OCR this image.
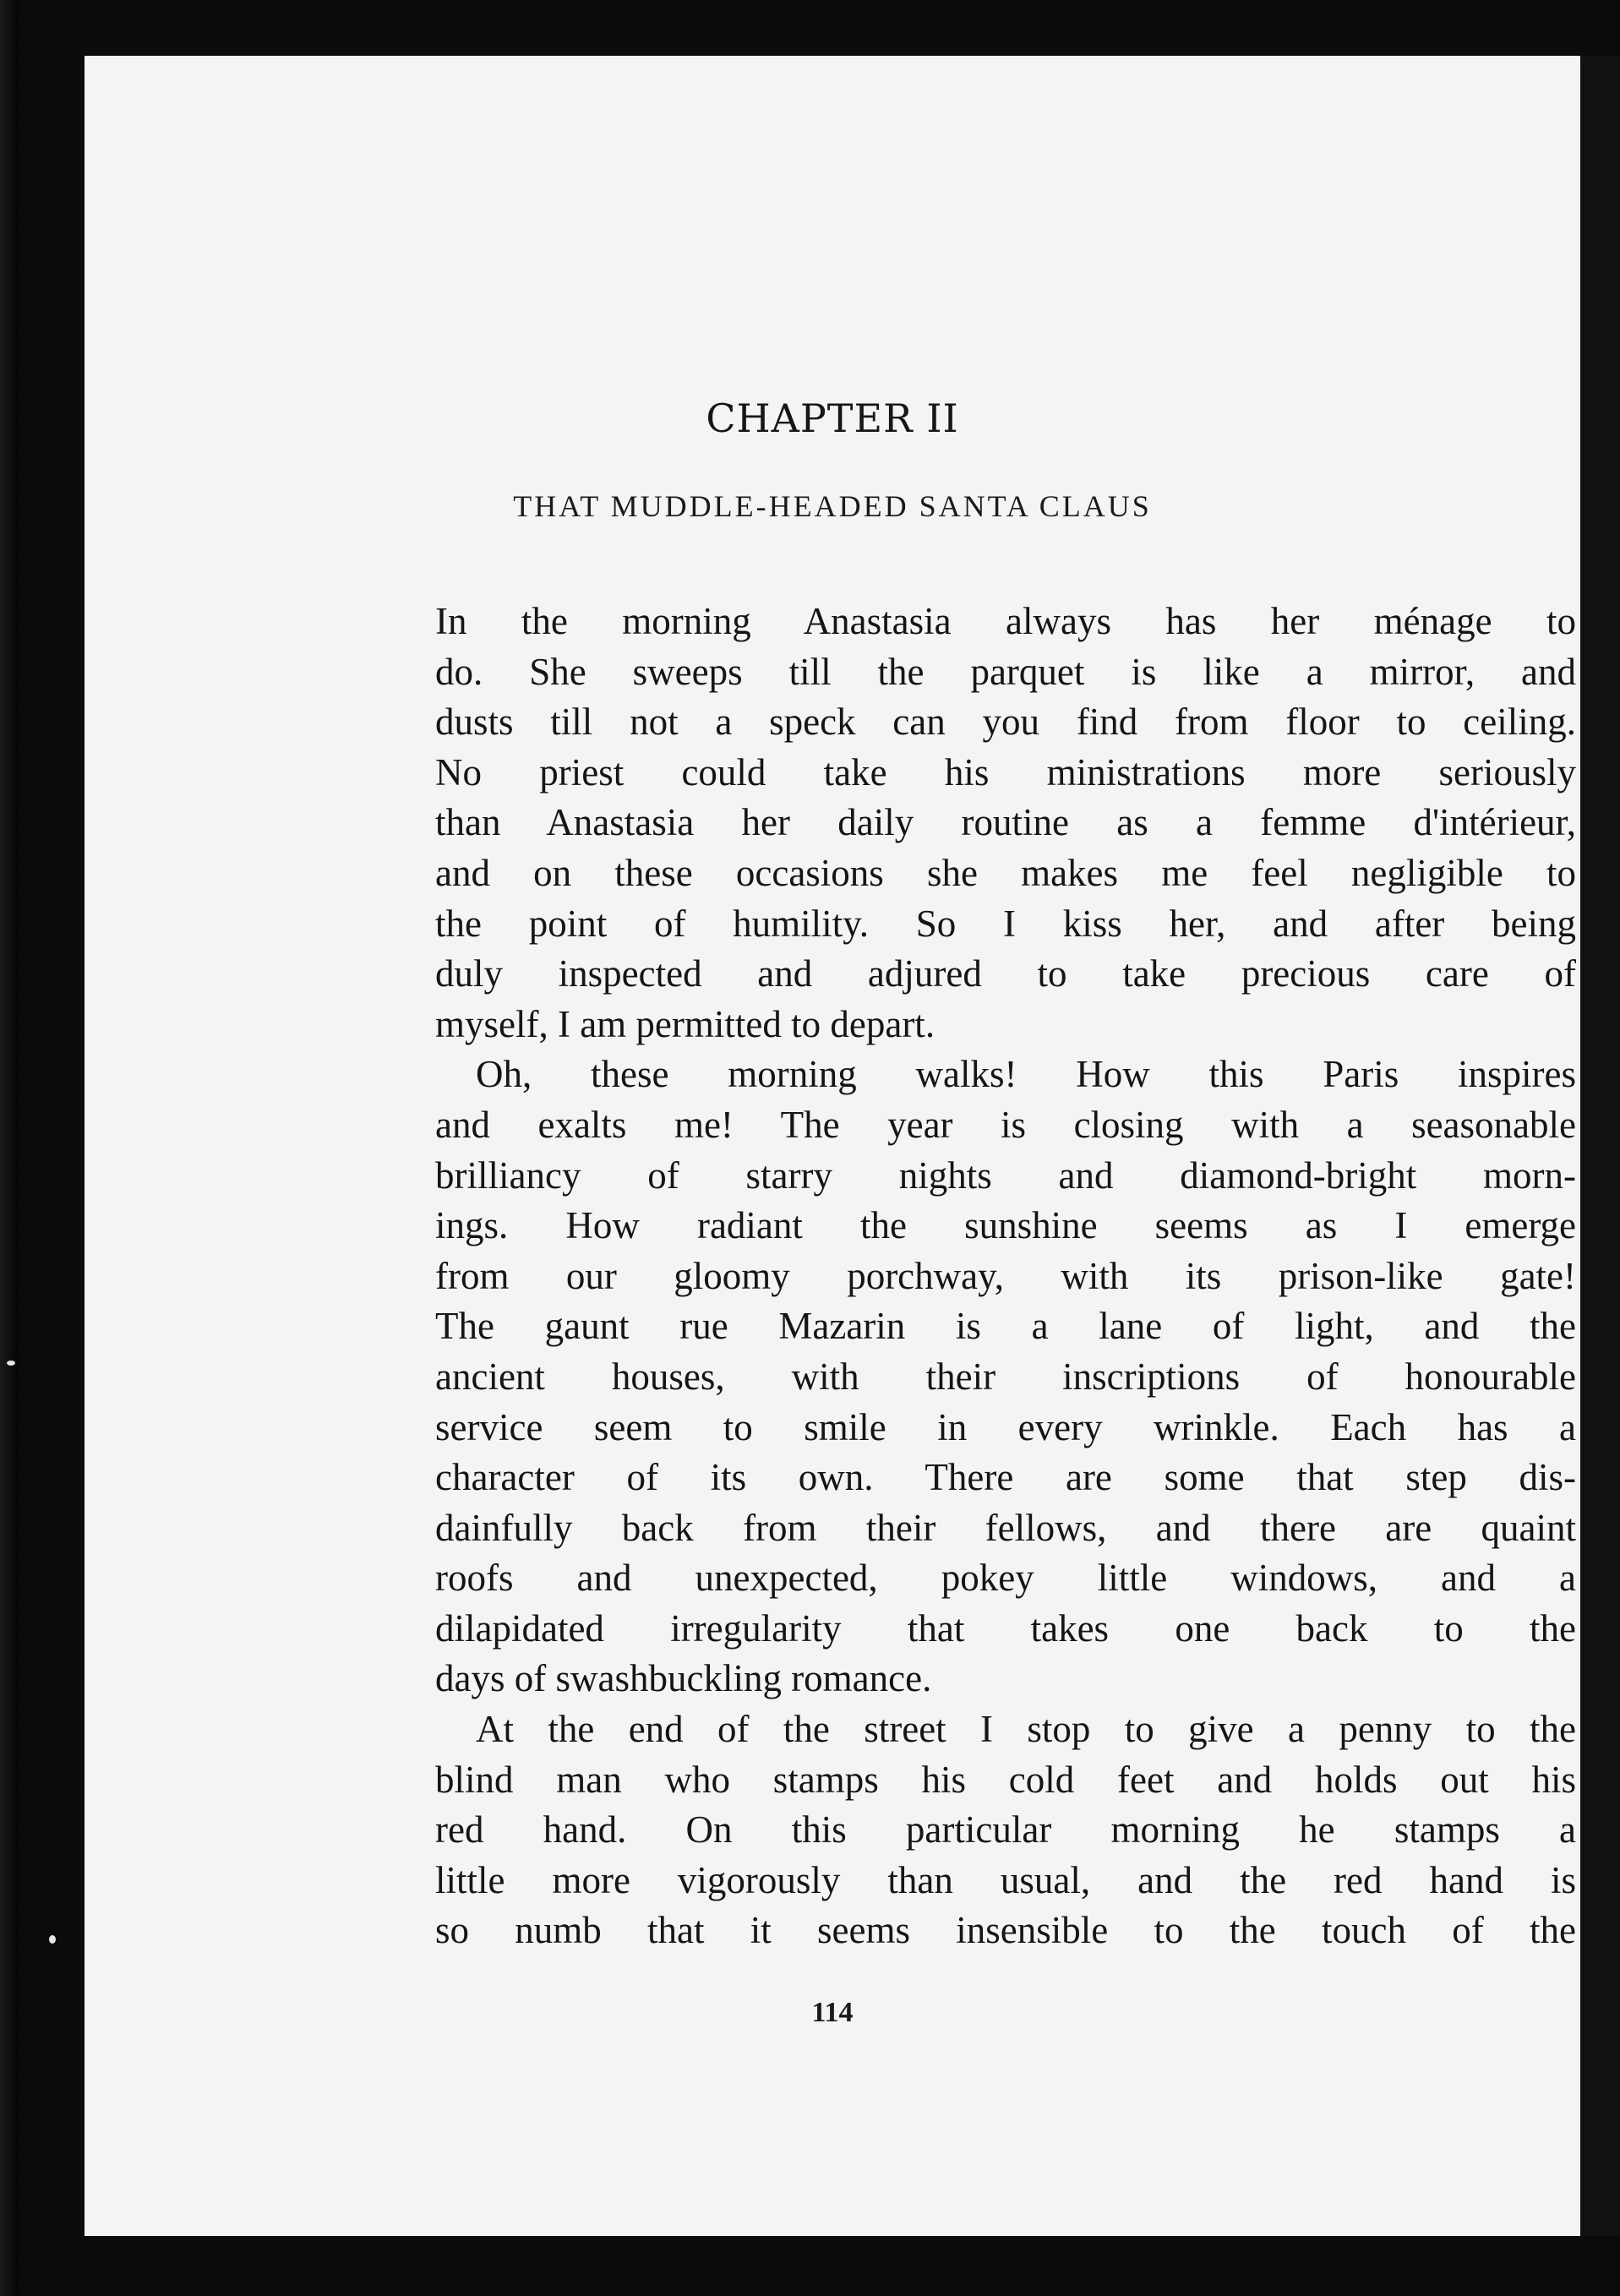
CHAPTER II
THAT MUDDLE-HEADED SANTA CLAUS

In the morning Anastasia always has her ménage to
do. She sweeps till the parquet is like a mirror, and
dusts till not a speck can you find from floor to ceiling.
No priest could take his ministrations more seriously
than Anastasia her daily routine as a femme d'intérieur,
and on these occasions she makes me feel negligible to
the point of humility. So I kiss her, and after being
duly inspected and adjured to take precious care of
myself, I am permitted to depart.

Oh, these morning walks! How this Paris inspires
and exalts me! The year is closing with a seasonable
brilliancy of starry nights and diamond-bright morn-
ings. How radiant the sunshine seems as I emerge
from our gloomy porchway, with its prison-like gate!
The gaunt rue Mazarin is a lane of light, and the
ancient houses, with their inscriptions of honourable
service seem to smile in every wrinkle. Each has a
character of its own. There are some that step dis-
dainfully back from their fellows, and there are quaint
roofs and unexpected, pokey little windows, and a
dilapidated irregularity that takes one back to the
days of swashbuckling romance.

At the end of the street I stop to give a penny to the
blind man who stamps his cold feet and holds out his
red hand. On this particular morning he stamps a
little more vigorously than usual, and the red hand is
so numb that it seems insensible to the touch of the

114
